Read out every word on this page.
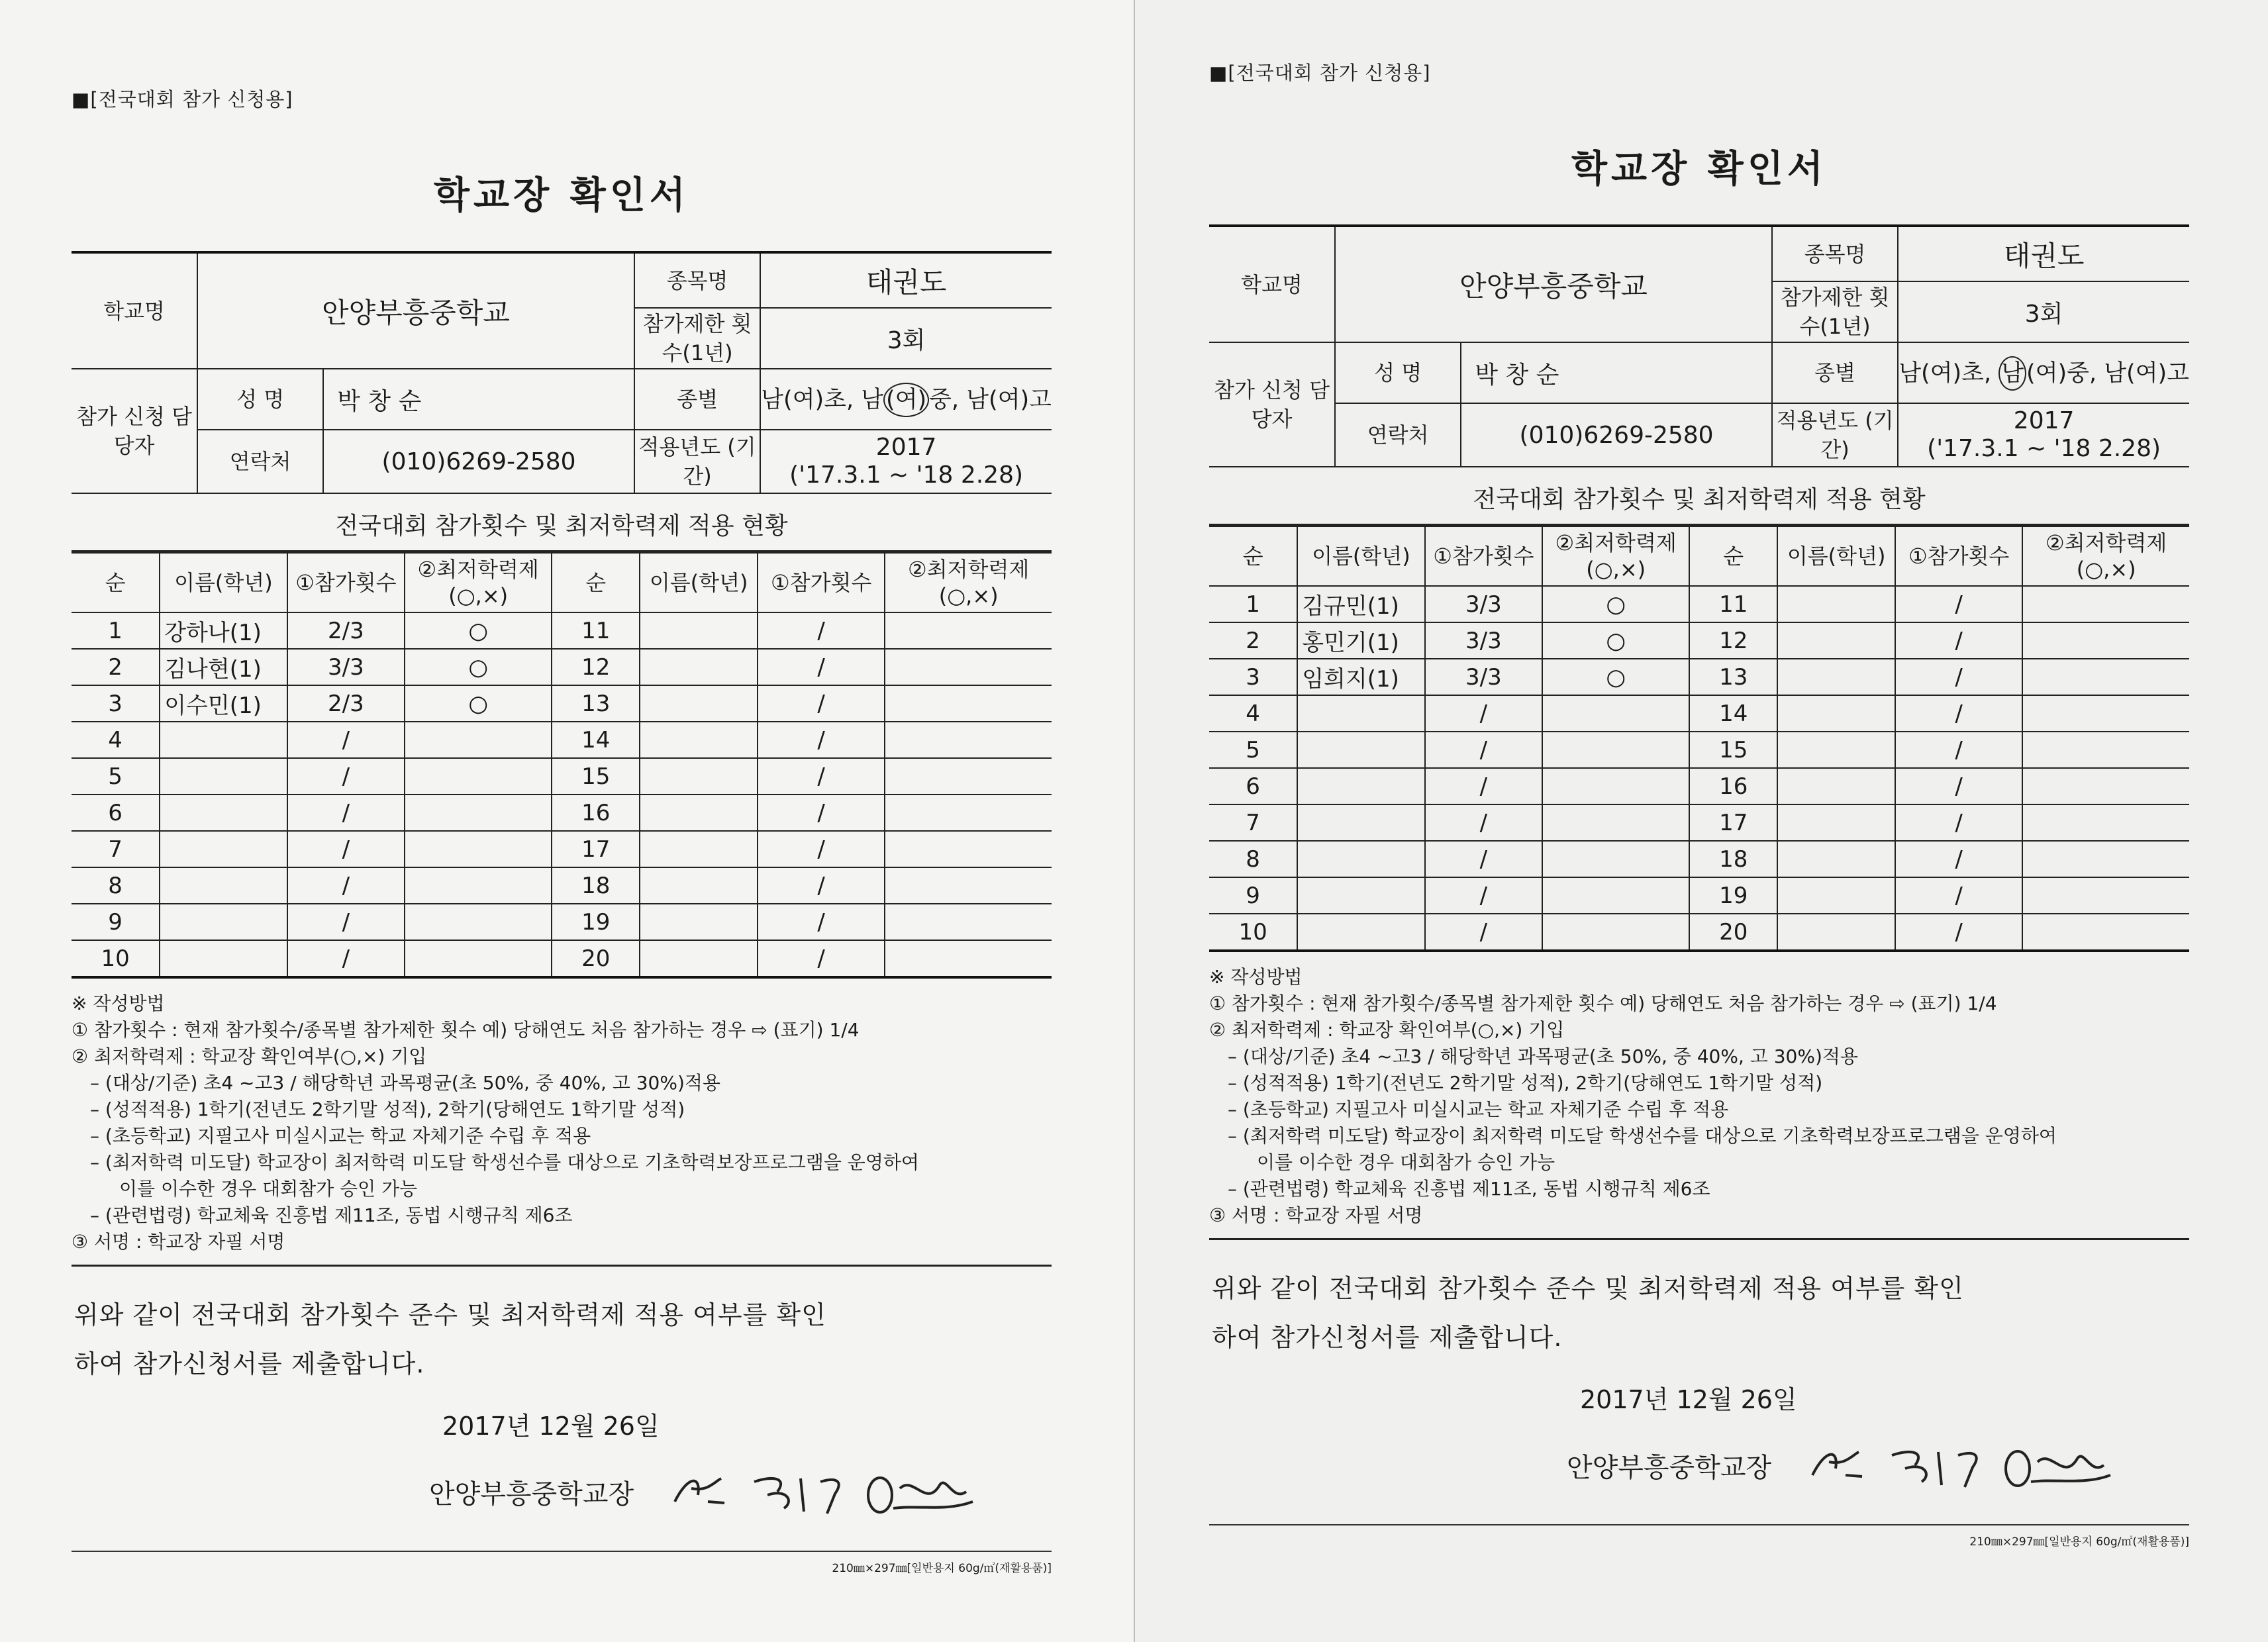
■[전국대회 참가 신청용]
학교장 확인서
학교명	안양부흥중학교		종목명	태권도
			참가제한 횟수(1년)	3회
참가 신청 담당자	성 명	박 창 순	종별	남(여)초, 남 (여) 중, 남(여)고
	연락처	(010)6269-2580	적용년도 (기간)	2017
('17.3.1 ~ '18 2.28)
전국대회 참가횟수 및 최저학력제 적용 현황
순	이름(학년)	①참가횟수	②최저학력제 (○,×)	순	이름(학년)	①참가횟수	②최저학력제 (○,×)
1	강하나(1)	2/3	○	11		/	
2	김나현(1)	3/3	○	12		/	
3	이수민(1)	2/3	○	13		/	
4		/		14		/	
5		/		15		/	
6		/		16		/	
7		/		17		/	
8		/		18		/	
9		/		19		/	
10		/		20		/	
※ 작성방법
① 참가횟수 : 현재 참가횟수/종목별 참가제한 횟수 예) 당해연도 처음 참가하는 경우 ⇨ (표기) 1/4
② 최저학력제 : 학교장 확인여부(○,×) 기입
– (대상/기준) 초4 ~고3 / 해당학년 과목평균(초 50%, 중 40%, 고 30%)적용
– (성적적용) 1학기(전년도 2학기말 성적), 2학기(당해연도 1학기말 성적)
– (초등학교) 지필고사 미실시교는 학교 자체기준 수립 후 적용
– (최저학력 미도달) 학교장이 최저학력 미도달 학생선수를 대상으로 기초학력보장프로그램을 운영하여
이를 이수한 경우 대회참가 승인 가능
– (관련법령) 학교체육 진흥법 제11조, 동법 시행규칙 제6조
③ 서명 : 학교장 자필 서명
위와 같이 전국대회 참가횟수 준수 및 최저학력제 적용 여부를 확인
하여 참가신청서를 제출합니다.
2017년 12월 26일
안양부흥중학교장
210㎜×297㎜[일반용지 60g/㎡(재활용품)]
■[전국대회 참가 신청용]
학교장 확인서
학교명	안양부흥중학교		종목명	태권도
			참가제한 횟수(1년)	3회
참가 신청 담당자	성 명	박 창 순	종별	남(여)초, 남 (여)중, 남(여)고
	연락처	(010)6269-2580	적용년도 (기간)	2017
('17.3.1 ~ '18 2.28)
전국대회 참가횟수 및 최저학력제 적용 현황
순	이름(학년)	①참가횟수	②최저학력제 (○,×)	순	이름(학년)	①참가횟수	②최저학력제 (○,×)
1	김규민(1)	3/3	○	11		/	
2	홍민기(1)	3/3	○	12		/	
3	임희지(1)	3/3	○	13		/	
4		/		14		/	
5		/		15		/	
6		/		16		/	
7		/		17		/	
8		/		18		/	
9		/		19		/	
10		/		20		/	
※ 작성방법
① 참가횟수 : 현재 참가횟수/종목별 참가제한 횟수 예) 당해연도 처음 참가하는 경우 ⇨ (표기) 1/4
② 최저학력제 : 학교장 확인여부(○,×) 기입
– (대상/기준) 초4 ~고3 / 해당학년 과목평균(초 50%, 중 40%, 고 30%)적용
– (성적적용) 1학기(전년도 2학기말 성적), 2학기(당해연도 1학기말 성적)
– (초등학교) 지필고사 미실시교는 학교 자체기준 수립 후 적용
– (최저학력 미도달) 학교장이 최저학력 미도달 학생선수를 대상으로 기초학력보장프로그램을 운영하여
이를 이수한 경우 대회참가 승인 가능
– (관련법령) 학교체육 진흥법 제11조, 동법 시행규칙 제6조
③ 서명 : 학교장 자필 서명
위와 같이 전국대회 참가횟수 준수 및 최저학력제 적용 여부를 확인
하여 참가신청서를 제출합니다.
2017년 12월 26일
안양부흥중학교장
210㎜×297㎜[일반용지 60g/㎡(재활용품)]
